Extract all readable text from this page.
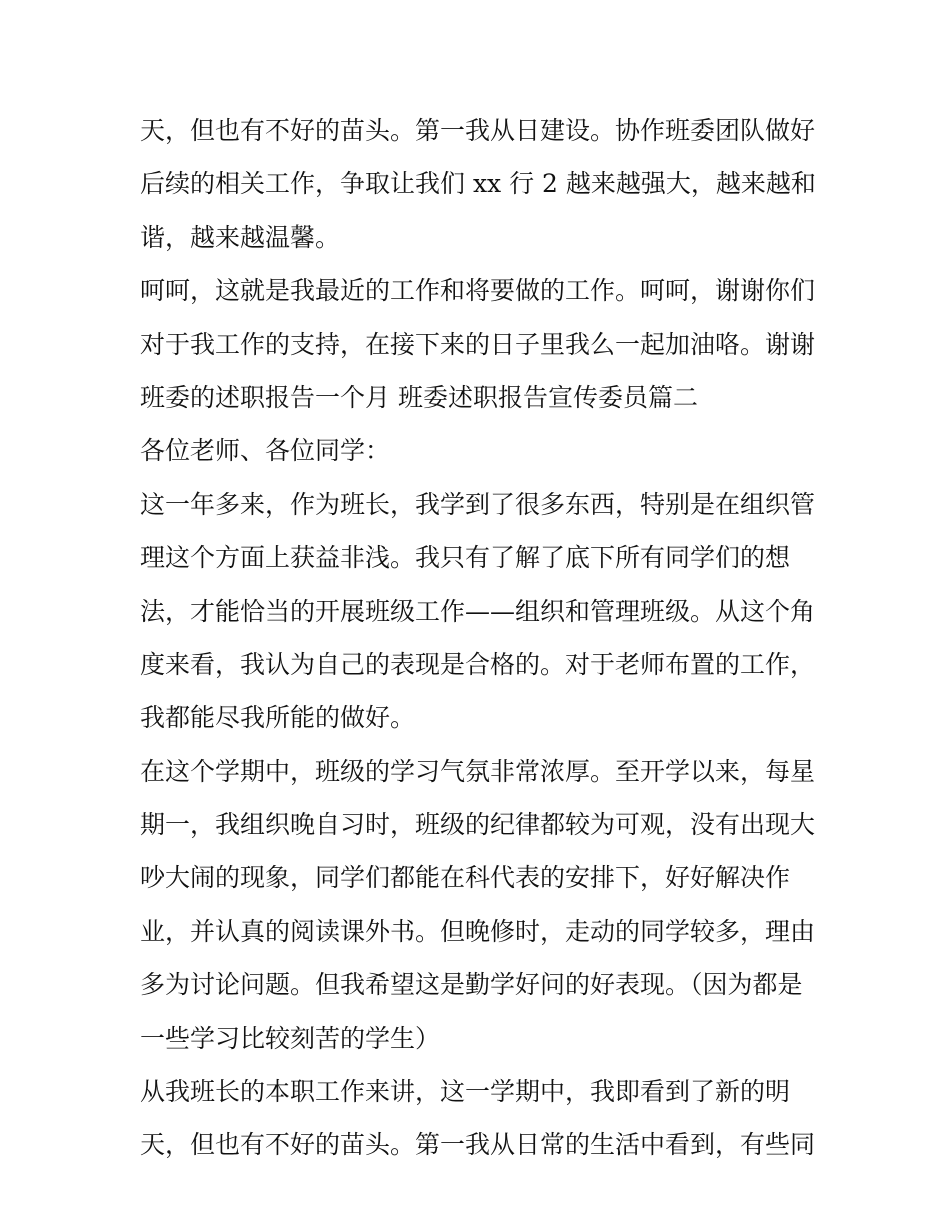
天，但也有不好的苗头。第一我从日建设。协作班委团队做好
后续的相关工作，争取让我们 xx 行 2 越来越强大，越来越和
谐，越来越温馨。
呵呵，这就是我最近的工作和将要做的工作。呵呵，谢谢你们
对于我工作的支持，在接下来的日子里我么一起加油咯。谢谢
班委的述职报告一个月 班委述职报告宣传委员篇二
各位老师、各位同学：
这一年多来，作为班长，我学到了很多东西，特别是在组织管
理这个方面上获益非浅。我只有了解了底下所有同学们的想
法，才能恰当的开展班级工作——组织和管理班级。从这个角
度来看，我认为自己的表现是合格的。对于老师布置的工作，
我都能尽我所能的做好。
在这个学期中，班级的学习气氛非常浓厚。至开学以来，每星
期一，我组织晚自习时，班级的纪律都较为可观，没有出现大
吵大闹的现象，同学们都能在科代表的安排下，好好解决作
业，并认真的阅读课外书。但晚修时，走动的同学较多，理由
多为讨论问题。但我希望这是勤学好问的好表现。（因为都是
一些学习比较刻苦的学生）
从我班长的本职工作来讲，这一学期中，我即看到了新的明
天，但也有不好的苗头。第一我从日常的生活中看到，有些同
